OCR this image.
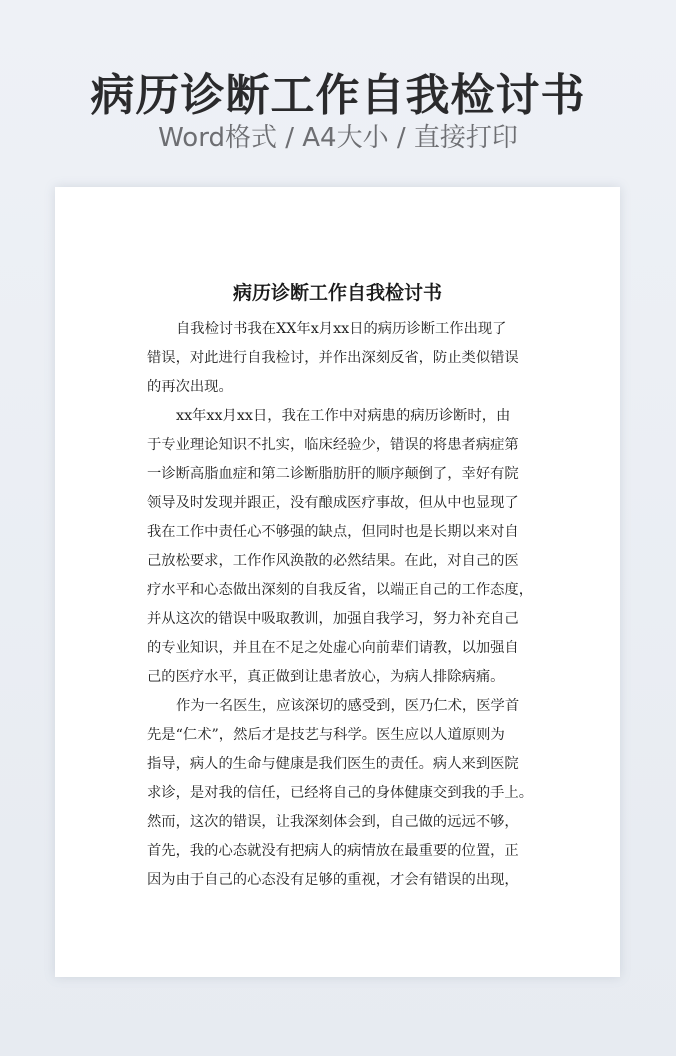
病历诊断工作自我检讨书
Word格式 / A4大小 / 直接打印
病历诊断工作自我检讨书
自我检讨书我在XX年x月xx日的病历诊断工作出现了
错误，对此进行自我检讨，并作出深刻反省，防止类似错误
的再次出现。
xx年xx月xx日，我在工作中对病患的病历诊断时，由
于专业理论知识不扎实，临床经验少，错误的将患者病症第
一诊断高脂血症和第二诊断脂肪肝的顺序颠倒了，幸好有院
领导及时发现并跟正，没有酿成医疗事故，但从中也显现了
我在工作中责任心不够强的缺点，但同时也是长期以来对自
己放松要求，工作作风涣散的必然结果。在此，对自己的医
疗水平和心态做出深刻的自我反省，以端正自己的工作态度，
并从这次的错误中吸取教训，加强自我学习，努力补充自己
的专业知识，并且在不足之处虚心向前辈们请教，以加强自
己的医疗水平，真正做到让患者放心，为病人排除病痛。
作为一名医生，应该深切的感受到，医乃仁术，医学首
先是“仁术”，然后才是技艺与科学。医生应以人道原则为
指导，病人的生命与健康是我们医生的责任。病人来到医院
求诊，是对我的信任，已经将自己的身体健康交到我的手上。
然而，这次的错误，让我深刻体会到，自己做的远远不够，
首先，我的心态就没有把病人的病情放在最重要的位置，正
因为由于自己的心态没有足够的重视，才会有错误的出现，
